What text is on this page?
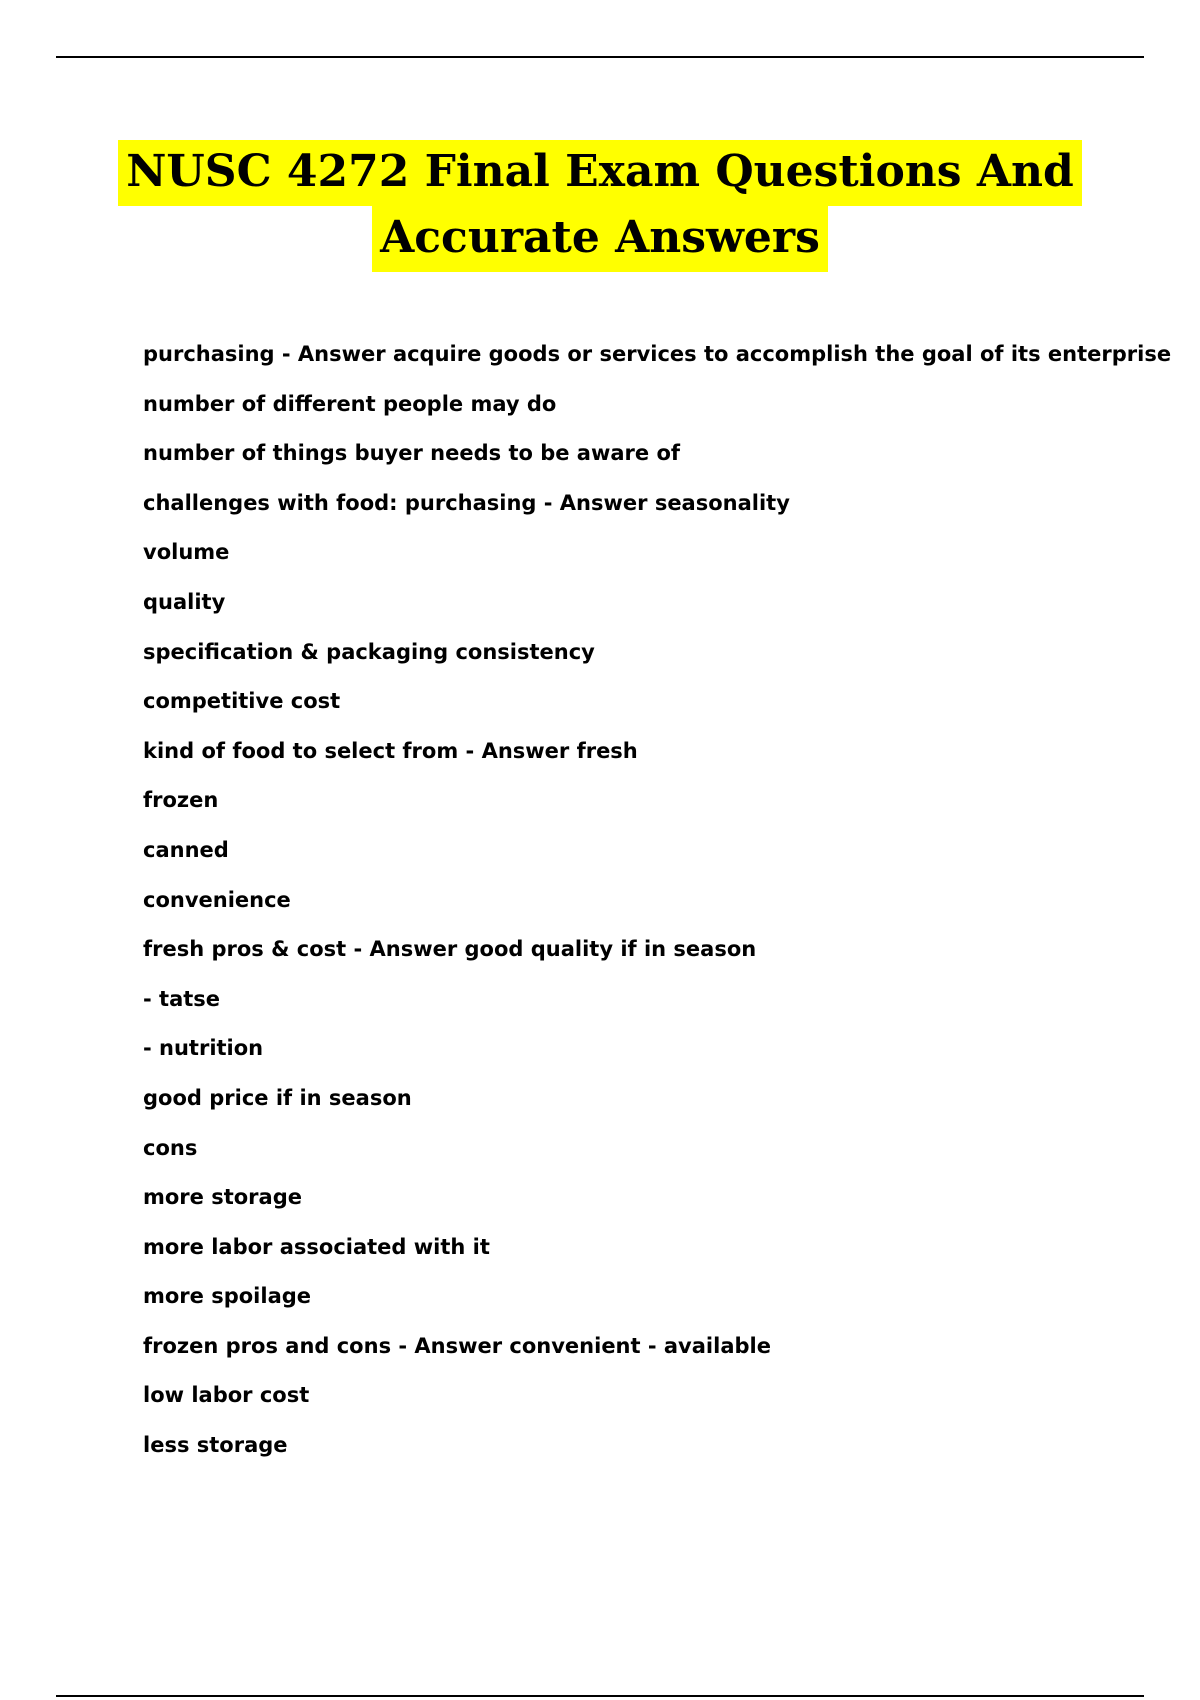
NUSC 4272 Final Exam Questions And
Accurate Answers
purchasing - Answer acquire goods or services to accomplish the goal of its enterprise
number of different people may do
number of things buyer needs to be aware of
challenges with food: purchasing - Answer seasonality
volume
quality
specification & packaging consistency
competitive cost
kind of food to select from - Answer fresh
frozen
canned
convenience
fresh pros & cost - Answer good quality if in season
- tatse
- nutrition
good price if in season
cons
more storage
more labor associated with it
more spoilage
frozen pros and cons - Answer convenient - available
low labor cost
less storage
